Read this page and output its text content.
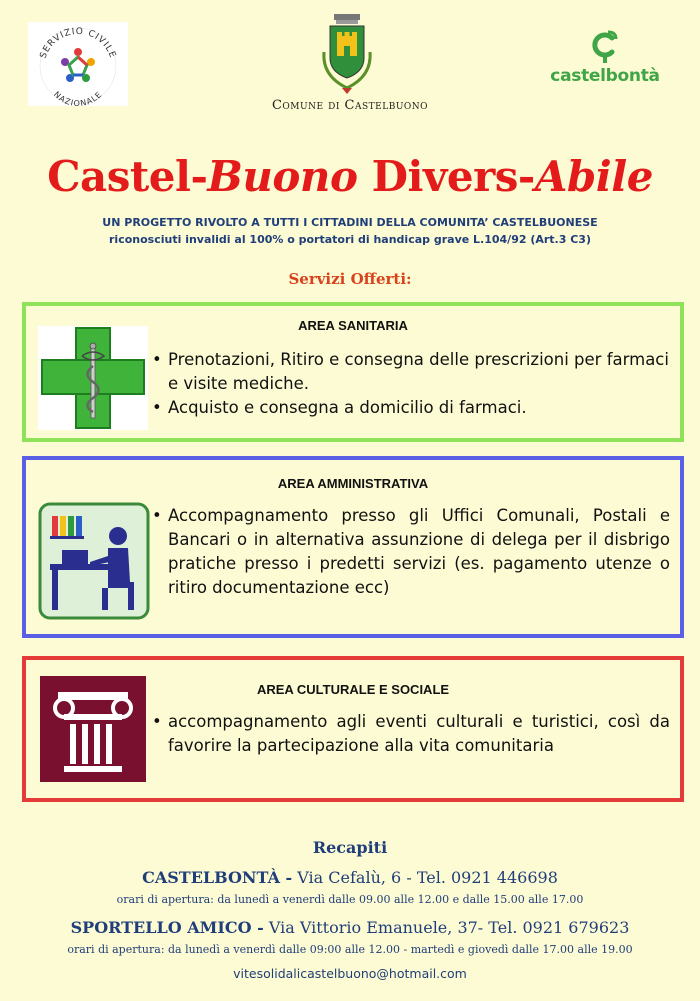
SERVIZIO CIVILE
NAZIONALE
Comune di Castelbuono
castelbontà
Castel-Buono Divers-Abile
UN PROGETTO RIVOLTO A TUTTI I CITTADINI DELLA COMUNITA’ CASTELBUONESE
riconosciuti invalidi al 100% o portatori di handicap grave L.104/92 (Art.3 C3)
Servizi Offerti:
AREA SANITARIA
• Prenotazioni, Ritiro e consegna delle prescrizioni per farmaci e visite mediche.
• Acquisto e consegna a domicilio di farmaci.
AREA AMMINISTRATIVA
• Accompagnamento presso gli Uffici Comunali, Postali e Bancari o in alternativa assunzione di delega per il disbrigo pratiche presso i predetti servizi (es. pagamento utenze o ritiro documentazione ecc)
AREA CULTURALE E SOCIALE
• accompagnamento agli eventi culturali e turistici, così da favorire la partecipazione alla vita comunitaria
Recapiti
CASTELBONTÀ - Via Cefalù, 6 - Tel. 0921 446698
orari di apertura: da lunedì a venerdì dalle 09.00 alle 12.00 e dalle 15.00 alle 17.00
SPORTELLO AMICO - Via Vittorio Emanuele, 37- Tel. 0921 679623
orari di apertura: da lunedì a venerdì dalle 09:00 alle 12.00 - martedì e giovedì dalle 17.00 alle 19.00
vitesolidalicastelbuono@hotmail.com
